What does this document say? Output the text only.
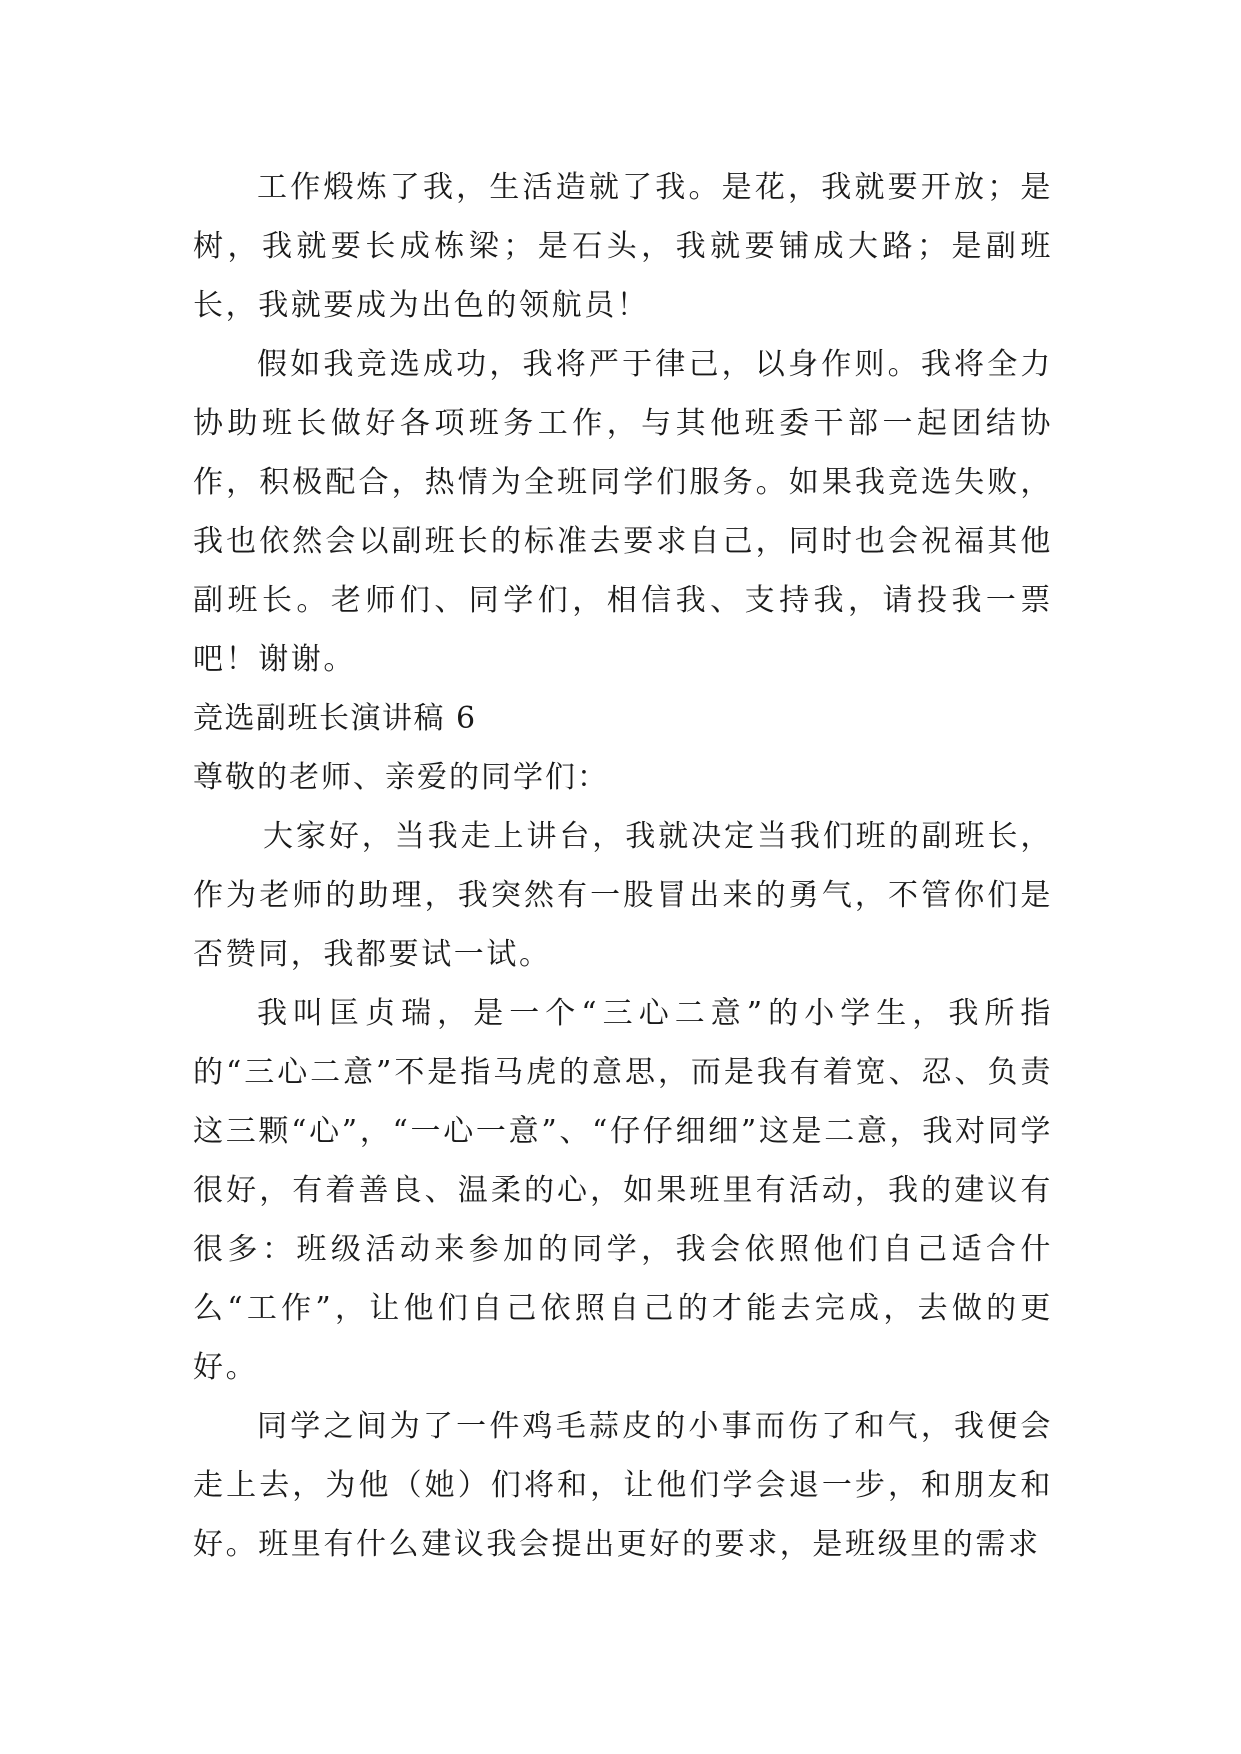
工作煅炼了我，生活造就了我。是花，我就要开放；是树，我就要长成栋梁；是石头，我就要铺成大路；是副班长，我就要成为出色的领航员！

假如我竞选成功，我将严于律己，以身作则。我将全力协助班长做好各项班务工作，与其他班委干部一起团结协作，积极配合，热情为全班同学们服务。如果我竞选失败，我也依然会以副班长的标准去要求自己，同时也会祝福其他副班长。老师们、同学们，相信我、支持我，请投我一票吧！谢谢。

竞选副班长演讲稿 6

尊敬的老师、亲爱的同学们：

大家好，当我走上讲台，我就决定当我们班的副班长，作为老师的助理，我突然有一股冒出来的勇气，不管你们是否赞同，我都要试一试。

我叫匡贞瑞，是一个“三心二意”的小学生，我所指的“三心二意”不是指马虎的意思，而是我有着宽、忍、负责这三颗“心”，“一心一意”、“仔仔细细”这是二意，我对同学很好，有着善良、温柔的心，如果班里有活动，我的建议有很多：班级活动来参加的同学，我会依照他们自己适合什么“工作”，让他们自己依照自己的才能去完成，去做的更好。

同学之间为了一件鸡毛蒜皮的小事而伤了和气，我便会走上去，为他（她）们将和，让他们学会退一步，和朋友和好。班里有什么建议我会提出更好的要求，是班级里的需求
